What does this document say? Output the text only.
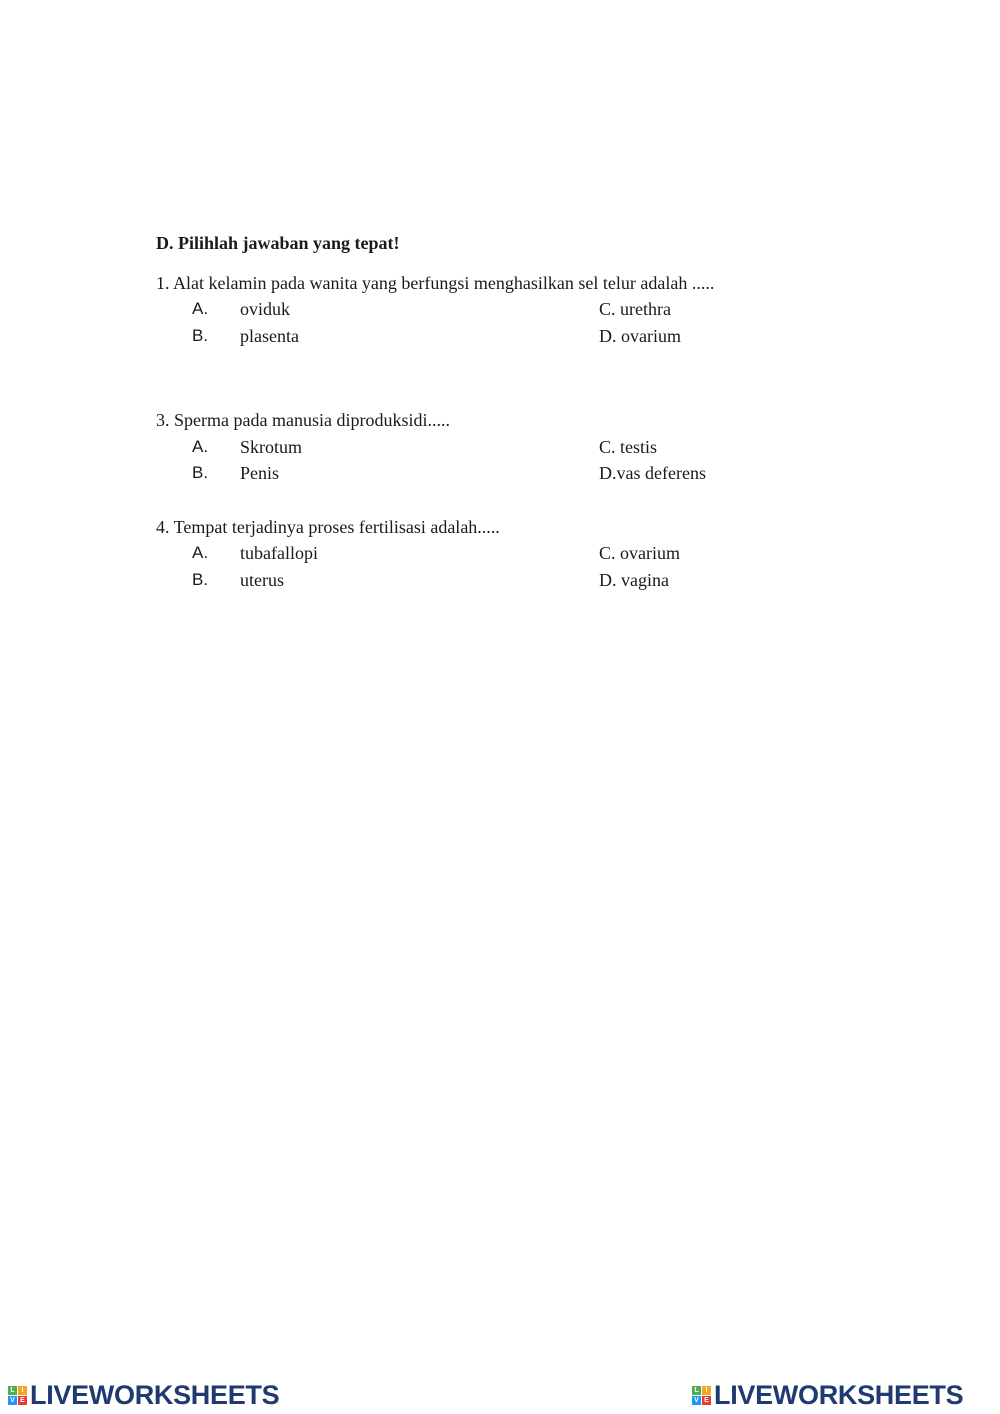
D. Pilihlah jawaban yang tepat!
1. Alat kelamin pada wanita yang berfungsi menghasilkan sel telur adalah .....
A. oviduk	C. urethra
B. plasenta	D. ovarium
3. Sperma pada manusia diproduksidi.....
A. Skrotum	C. testis
B. Penis	D.vas deferens
4. Tempat terjadinya proses fertilisasi adalah.....
A. tubafallopi	C. ovarium
B. uterus	D. vagina
L I
V E LIVEWORKSHEETS	L I
V E LIVEWORKSHEETS
